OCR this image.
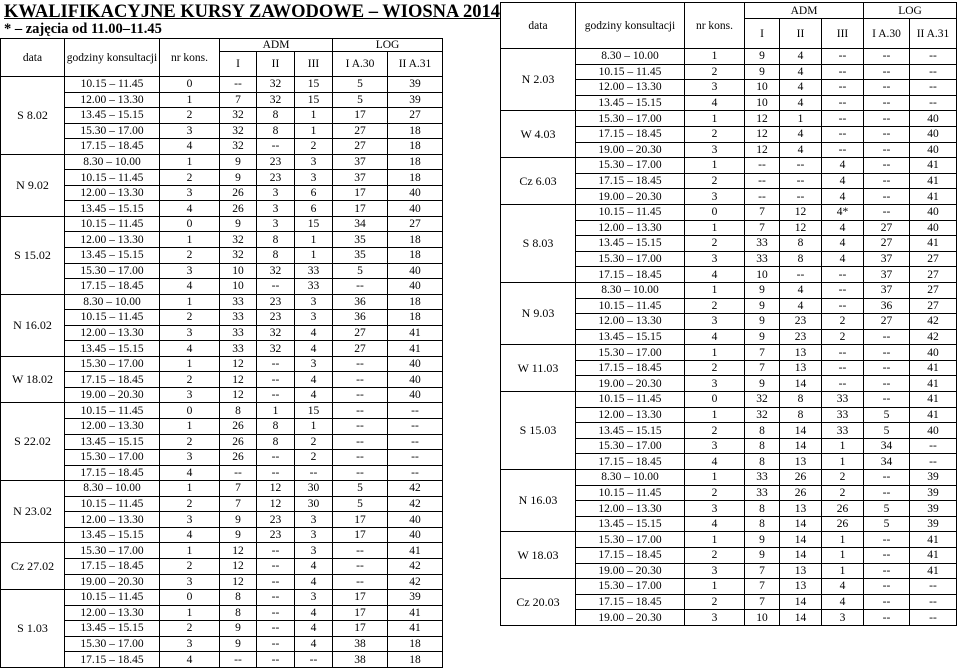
KWALIFIKACYJNE KURSY ZAWODOWE – WIOSNA 2014
* – zajęcia od 11.00–11.45
data	godziny konsultacji	nr kons.	ADM			LOG	
			I	II	III	I A.30	II A.31
S 8.02	10.15 – 11.45	0	--	32	15	5	39
	12.00 – 13.30	1	7	32	15	5	39
	13.45 – 15.15	2	32	8	1	17	27
	15.30 – 17.00	3	32	8	1	27	18
	17.15 – 18.45	4	32	--	2	27	18
N 9.02	8.30 – 10.00	1	9	23	3	37	18
	10.15 – 11.45	2	9	23	3	37	18
	12.00 – 13.30	3	26	3	6	17	40
	13.45 – 15.15	4	26	3	6	17	40
S 15.02	10.15 – 11.45	0	9	3	15	34	27
	12.00 – 13.30	1	32	8	1	35	18
	13.45 – 15.15	2	32	8	1	35	18
	15.30 – 17.00	3	10	32	33	5	40
	17.15 – 18.45	4	10	--	33	--	40
N 16.02	8.30 – 10.00	1	33	23	3	36	18
	10.15 – 11.45	2	33	23	3	36	18
	12.00 – 13.30	3	33	32	4	27	41
	13.45 – 15.15	4	33	32	4	27	41
W 18.02	15.30 – 17.00	1	12	--	3	--	40
	17.15 – 18.45	2	12	--	4	--	40
	19.00 – 20.30	3	12	--	4	--	40
S 22.02	10.15 – 11.45	0	8	1	15	--	--
	12.00 – 13.30	1	26	8	1	--	--
	13.45 – 15.15	2	26	8	2	--	--
	15.30 – 17.00	3	26	--	2	--	--
	17.15 – 18.45	4	--	--	--	--	--
N 23.02	8.30 – 10.00	1	7	12	30	5	42
	10.15 – 11.45	2	7	12	30	5	42
	12.00 – 13.30	3	9	23	3	17	40
	13.45 – 15.15	4	9	23	3	17	40
Cz 27.02	15.30 – 17.00	1	12	--	3	--	41
	17.15 – 18.45	2	12	--	4	--	42
	19.00 – 20.30	3	12	--	4	--	42
S 1.03	10.15 – 11.45	0	8	--	3	17	39
	12.00 – 13.30	1	8	--	4	17	41
	13.45 – 15.15	2	9	--	4	17	41
	15.30 – 17.00	3	9	--	4	38	18
	17.15 – 18.45	4	--	--	--	38	18
data	godziny konsultacji	nr kons.	ADM			LOG	
			I	II	III	I A.30	II A.31
N 2.03	8.30 – 10.00	1	9	4	--	--	--
	10.15 – 11.45	2	9	4	--	--	--
	12.00 – 13.30	3	10	4	--	--	--
	13.45 – 15.15	4	10	4	--	--	--
W 4.03	15.30 – 17.00	1	12	1	--	--	40
	17.15 – 18.45	2	12	4	--	--	40
	19.00 – 20.30	3	12	4	--	--	40
Cz 6.03	15.30 – 17.00	1	--	--	4	--	41
	17.15 – 18.45	2	--	--	4	--	41
	19.00 – 20.30	3	--	--	4	--	41
S 8.03	10.15 – 11.45	0	7	12	4*	--	40
	12.00 – 13.30	1	7	12	4	27	40
	13.45 – 15.15	2	33	8	4	27	41
	15.30 – 17.00	3	33	8	4	37	27
	17.15 – 18.45	4	10	--	--	37	27
N 9.03	8.30 – 10.00	1	9	4	--	37	27
	10.15 – 11.45	2	9	4	--	36	27
	12.00 – 13.30	3	9	23	2	27	42
	13.45 – 15.15	4	9	23	2	--	42
W 11.03	15.30 – 17.00	1	7	13	--	--	40
	17.15 – 18.45	2	7	13	--	--	41
	19.00 – 20.30	3	9	14	--	--	41
S 15.03	10.15 – 11.45	0	32	8	33	--	41
	12.00 – 13.30	1	32	8	33	5	41
	13.45 – 15.15	2	8	14	33	5	40
	15.30 – 17.00	3	8	14	1	34	--
	17.15 – 18.45	4	8	13	1	34	--
N 16.03	8.30 – 10.00	1	33	26	2	--	39
	10.15 – 11.45	2	33	26	2	--	39
	12.00 – 13.30	3	8	13	26	5	39
	13.45 – 15.15	4	8	14	26	5	39
W 18.03	15.30 – 17.00	1	9	14	1	--	41
	17.15 – 18.45	2	9	14	1	--	41
	19.00 – 20.30	3	7	13	1	--	41
Cz 20.03	15.30 – 17.00	1	7	13	4	--	--
	17.15 – 18.45	2	7	14	4	--	--
	19.00 – 20.30	3	10	14	3	--	--
